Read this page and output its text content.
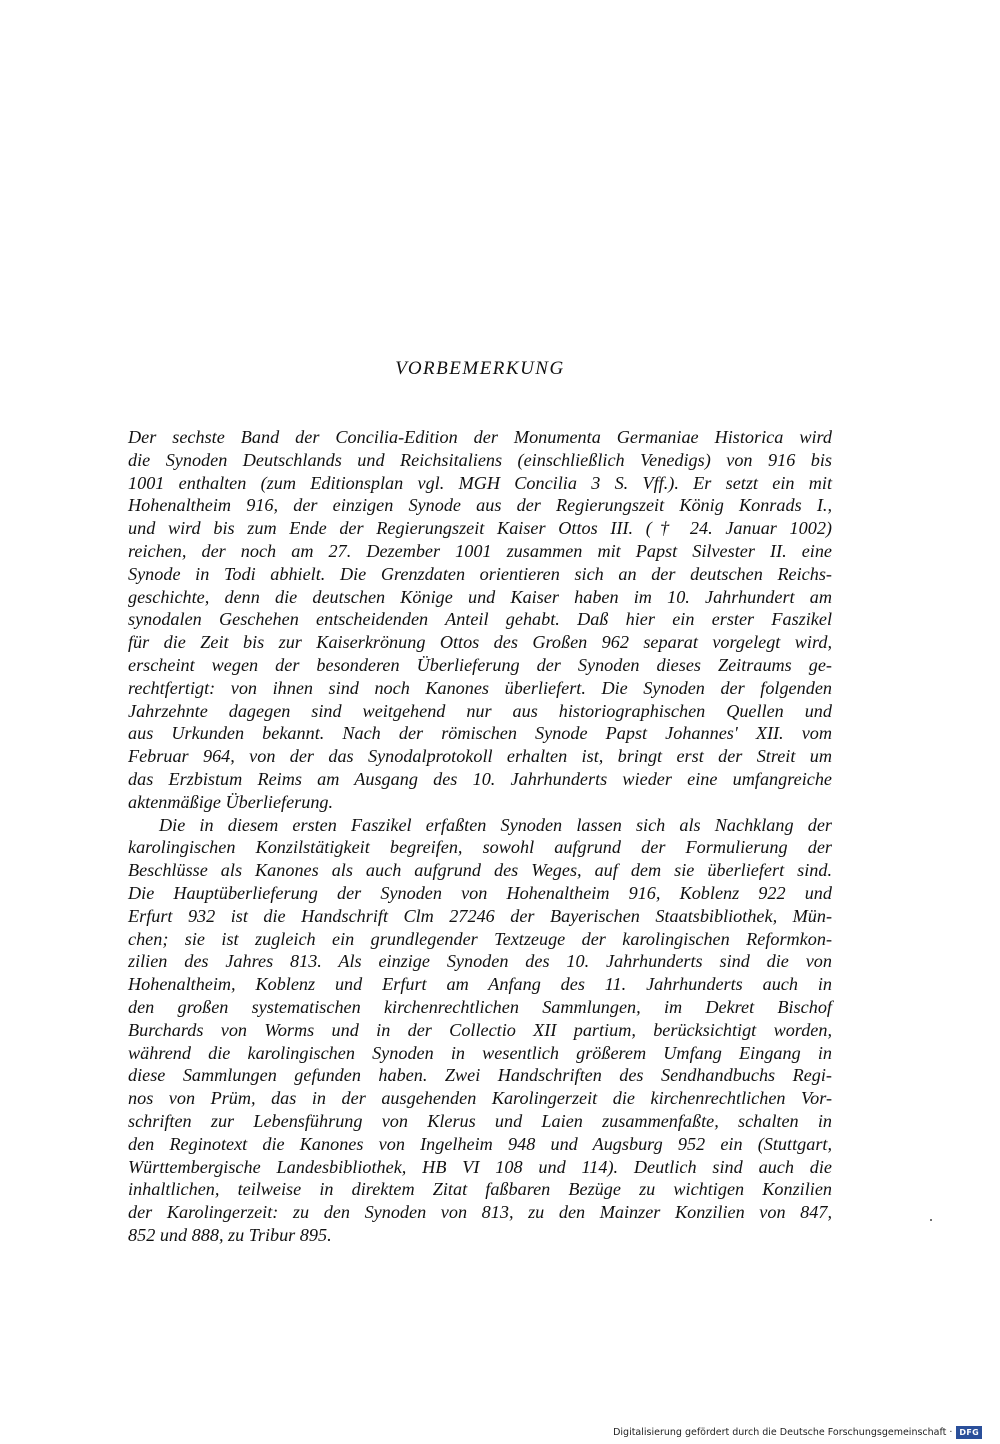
VORBEMERKUNG
Der sechste Band der Concilia-Edition der Monumenta Germaniae Historica wird
die Synoden Deutschlands und Reichsitaliens (einschließlich Venedigs) von 916 bis
1001 enthalten (zum Editionsplan vgl. MGH Concilia 3 S. Vff.). Er setzt ein mit
Hohenaltheim 916, der einzigen Synode aus der Regierungszeit König Konrads I.,
und wird bis zum Ende der Regierungszeit Kaiser Ottos III. († 24. Januar 1002)
reichen, der noch am 27. Dezember 1001 zusammen mit Papst Silvester II. eine
Synode in Todi abhielt. Die Grenzdaten orientieren sich an der deutschen Reichs-
geschichte, denn die deutschen Könige und Kaiser haben im 10. Jahrhundert am
synodalen Geschehen entscheidenden Anteil gehabt. Daß hier ein erster Faszikel
für die Zeit bis zur Kaiserkrönung Ottos des Großen 962 separat vorgelegt wird,
erscheint wegen der besonderen Überlieferung der Synoden dieses Zeitraums ge-
rechtfertigt: von ihnen sind noch Kanones überliefert. Die Synoden der folgenden
Jahrzehnte dagegen sind weitgehend nur aus historiographischen Quellen und
aus Urkunden bekannt. Nach der römischen Synode Papst Johannes' XII. vom
Februar 964, von der das Synodalprotokoll erhalten ist, bringt erst der Streit um
das Erzbistum Reims am Ausgang des 10. Jahrhunderts wieder eine umfangreiche
aktenmäßige Überlieferung.
Die in diesem ersten Faszikel erfaßten Synoden lassen sich als Nachklang der
karolingischen Konzilstätigkeit begreifen, sowohl aufgrund der Formulierung der
Beschlüsse als Kanones als auch aufgrund des Weges, auf dem sie überliefert sind.
Die Hauptüberlieferung der Synoden von Hohenaltheim 916, Koblenz 922 und
Erfurt 932 ist die Handschrift Clm 27246 der Bayerischen Staatsbibliothek, Mün-
chen; sie ist zugleich ein grundlegender Textzeuge der karolingischen Reformkon-
zilien des Jahres 813. Als einzige Synoden des 10. Jahrhunderts sind die von
Hohenaltheim, Koblenz und Erfurt am Anfang des 11. Jahrhunderts auch in
den großen systematischen kirchenrechtlichen Sammlungen, im Dekret Bischof
Burchards von Worms und in der Collectio XII partium, berücksichtigt worden,
während die karolingischen Synoden in wesentlich größerem Umfang Eingang in
diese Sammlungen gefunden haben. Zwei Handschriften des Sendhandbuchs Regi-
nos von Prüm, das in der ausgehenden Karolingerzeit die kirchenrechtlichen Vor-
schriften zur Lebensführung von Klerus und Laien zusammenfaßte, schalten in
den Reginotext die Kanones von Ingelheim 948 und Augsburg 952 ein (Stuttgart,
Württembergische Landesbibliothek, HB VI 108 und 114). Deutlich sind auch die
inhaltlichen, teilweise in direktem Zitat faßbaren Bezüge zu wichtigen Konzilien
der Karolingerzeit: zu den Synoden von 813, zu den Mainzer Konzilien von 847,
852 und 888, zu Tribur 895.
Digitalisierung gefördert durch die Deutsche Forschungsgemeinschaft · DFG
